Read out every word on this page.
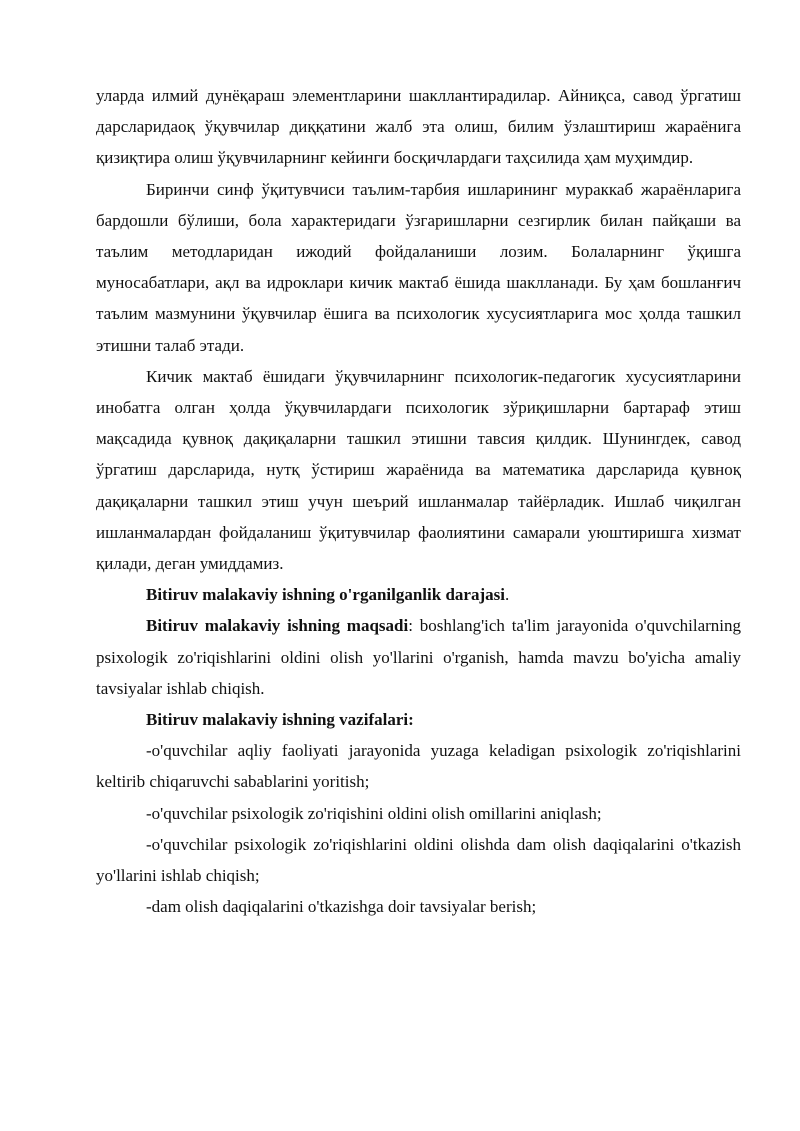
уларда илмий дунёқараш элементларини шакллантирадилар. Айниқса, савод ўргатиш дарсларидаоқ ўқувчилар диққатини жалб эта олиш, билим ўзлаштириш жараёнига қизиқтира олиш ўқувчиларнинг кейинги босқичлардаги таҳсилида ҳам муҳимдир.

Биринчи синф ўқитувчиси таълим-тарбия ишларининг мураккаб жараёнларига бардошли бўлиши, бола характеридаги ўзгаришларни сезгирлик билан пайқаши ва таълим методларидан ижодий фойдаланиши лозим. Болаларнинг ўқишга муносабатлари, ақл ва идроклари кичик мактаб ёшида шаклланади. Бу ҳам бошланғич таълим мазмунини ўқувчилар ёшига ва психологик хусусиятларига мос ҳолда ташкил этишни талаб этади.

Кичик мактаб ёшидаги ўқувчиларнинг психологик-педагогик хусусиятларини инобатга олган ҳолда ўқувчилардаги психологик зўриқишларни бартараф этиш мақсадида қувноқ дақиқаларни ташкил этишни тавсия қилдик. Шунингдек, савод ўргатиш дарсларида, нутқ ўстириш жараёнида ва математика дарсларида қувноқ дақиқаларни ташкил этиш учун шеърий ишланмалар тайёрладик. Ишлаб чиқилган ишланмалардан фойдаланиш ўқитувчилар фаолиятини самарали уюштиришга хизмат қилади, деган умиддамиз.

Bitiruv malakaviy ishning o'rganilganlik darajasi.

Bitiruv malakaviy ishning maqsadi: boshlang'ich ta'lim jarayonida o'quvchilarning psixologik zo'riqishlarini oldini olish yo'llarini o'rganish, hamda mavzu bo'yicha amaliy tavsiyalar ishlab chiqish.

Bitiruv malakaviy ishning vazifalari:

-o'quvchilar aqliy faoliyati jarayonida yuzaga keladigan psixologik zo'riqishlarini keltirib chiqaruvchi sabablarini yoritish;

-o'quvchilar psixologik zo'riqishini oldini olish omillarini aniqlash;

-o'quvchilar psixologik zo'riqishlarini oldini olishda dam olish daqiqalarini o'tkazish yo'llarini ishlab chiqish;

-dam olish daqiqalarini o'tkazishga doir tavsiyalar berish;
